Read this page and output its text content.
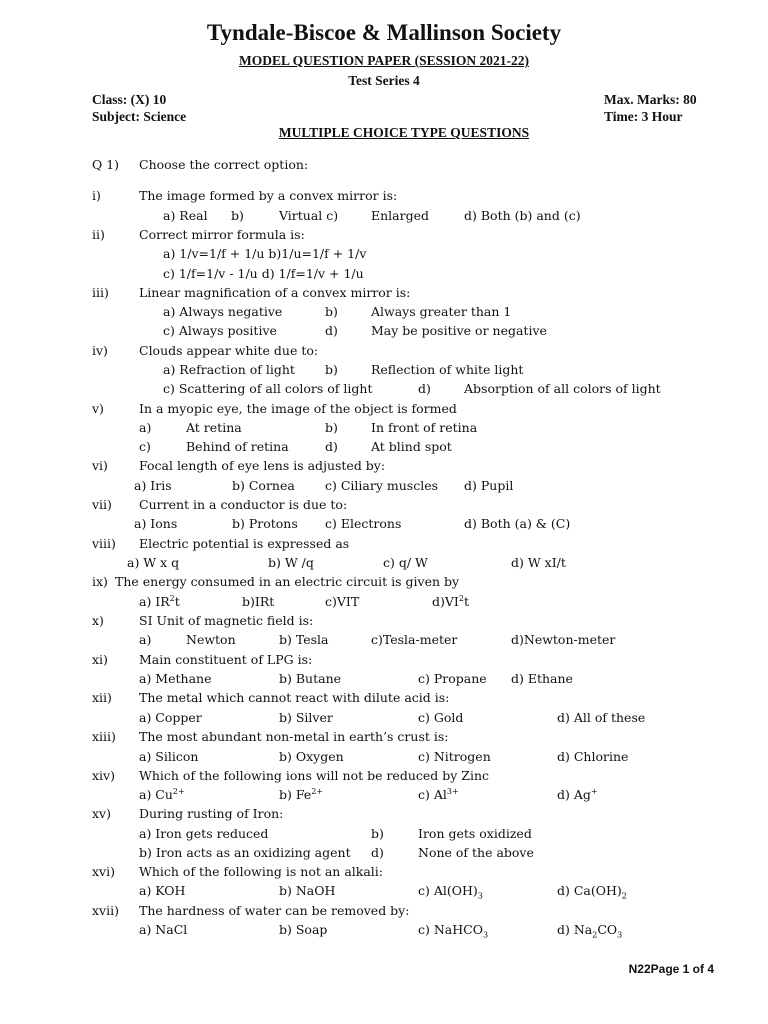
Tyndale-Biscoe & Mallinson Society
MODEL QUESTION PAPER (SESSION 2021-22)
Test Series 4
Class: (X) 10
Subject: Science
Max. Marks: 80
Time: 3 Hour
MULTIPLE CHOICE TYPE QUESTIONS
Q 1) Choose the correct option:
i)	The image formed by a convex mirror is:
a) Real b)	Virtual c)	Enlarged	d) Both (b) and (c)
ii)	Correct mirror formula is:
a) 1/v=1/f + 1/u b)1/u=1/f + 1/v
c) 1/f=1/v - 1/u d) 1/f=1/v + 1/u
iii) Linear magnification of a convex mirror is:
a) Always negative	b)	Always greater than 1
c) Always positive	d)	May be positive or negative
iv) Clouds appear white due to:
a) Refraction of light b)	Reflection of white light
c) Scattering of all colors of light	d)	Absorption of all colors of light
v)	In a myopic eye, the image of the object is formed
a)	At retina	b)	In front of retina
c)	Behind of retina	d)	At blind spot
vi) Focal length of eye lens is adjusted by:
a) Iris	b) Cornea c) Ciliary muscles d) Pupil
vii) Current in a conductor is due to:
a) Ions	b) Protons c) Electrons	d) Both (a) & (C)
viii) Electric potential is expressed as
a) W x q	b) W /q	c) q/ W	d) W xI/t
ix) The energy consumed in an electric circuit is given by
a) $IR^2t$	b)IRt	c)VIT	$d)VI^2t$
x)	SI Unit of magnetic field is:
a)	Newton	b) Tesla	c)Tesla-meter	d)Newton-meter
xi) Main constituent of LPG is:
a) Methane	b) Butane	c) Propane d) Ethane
xii) The metal which cannot react with dilute acid is:
a) Copper	b) Silver	c) Gold	d) All of these
xiii) The most abundant non-metal in earth’s crust is:
a) Silicon	b) Oxygen	c) Nitrogen	d) Chlorine
xiv) Which of the following ions will not be reduced by Zinc
a) $Cu^{2+}$	b) $Fe^{2+}$	c) $Al^{3+}$	d) Ag+
xv) During rusting of Iron:
a) Iron gets reduced	b)	Iron gets oxidized
b) Iron acts as an oxidizing agent d)	None of the above
xvi) Which of the following is not an alkali:
a) KOH	b) NaOH	c) $Al(OH)_3$	d) $Ca(OH)_2$
xvii) The hardness of water can be removed by:
a) NaCl	b) Soap	c) NaHCO$_3$	d) $Na_2CO_3$
N22Page 1 of 4
